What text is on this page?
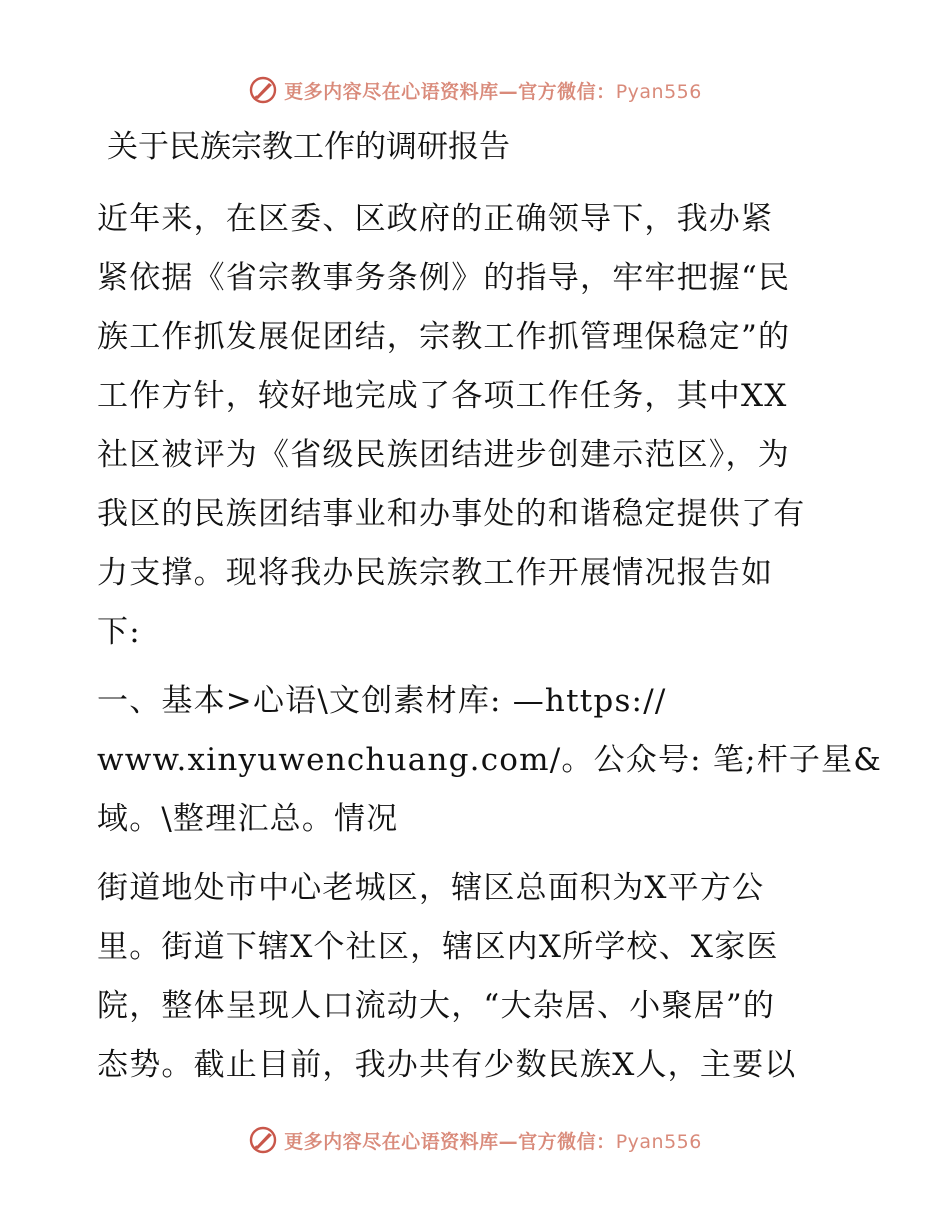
更多内容尽在心语资料库—官方微信：Pyan556
关于民族宗教工作的调研报告
近年来，在区委、区政府的正确领导下，我办紧
紧依据《省宗教事务条例》的指导，牢牢把握“民
族工作抓发展促团结，宗教工作抓管理保稳定”的
工作方针，较好地完成了各项工作任务，其中XX
社区被评为《省级民族团结进步创建示范区》，为
我区的民族团结事业和办事处的和谐稳定提供了有
力支撑。现将我办民族宗教工作开展情况报告如
下:
一、基本>心语\文创素材库: —https://
www.xinyuwenchuang.com/。公众号: 笔;杆子星&
域。\整理汇总。情况
街道地处市中心老城区，辖区总面积为X平方公
里。街道下辖X个社区，辖区内X所学校、X家医
院，整体呈现人口流动大，“大杂居、小聚居”的
态势。截止目前，我办共有少数民族X人，主要以
更多内容尽在心语资料库—官方微信：Pyan556
